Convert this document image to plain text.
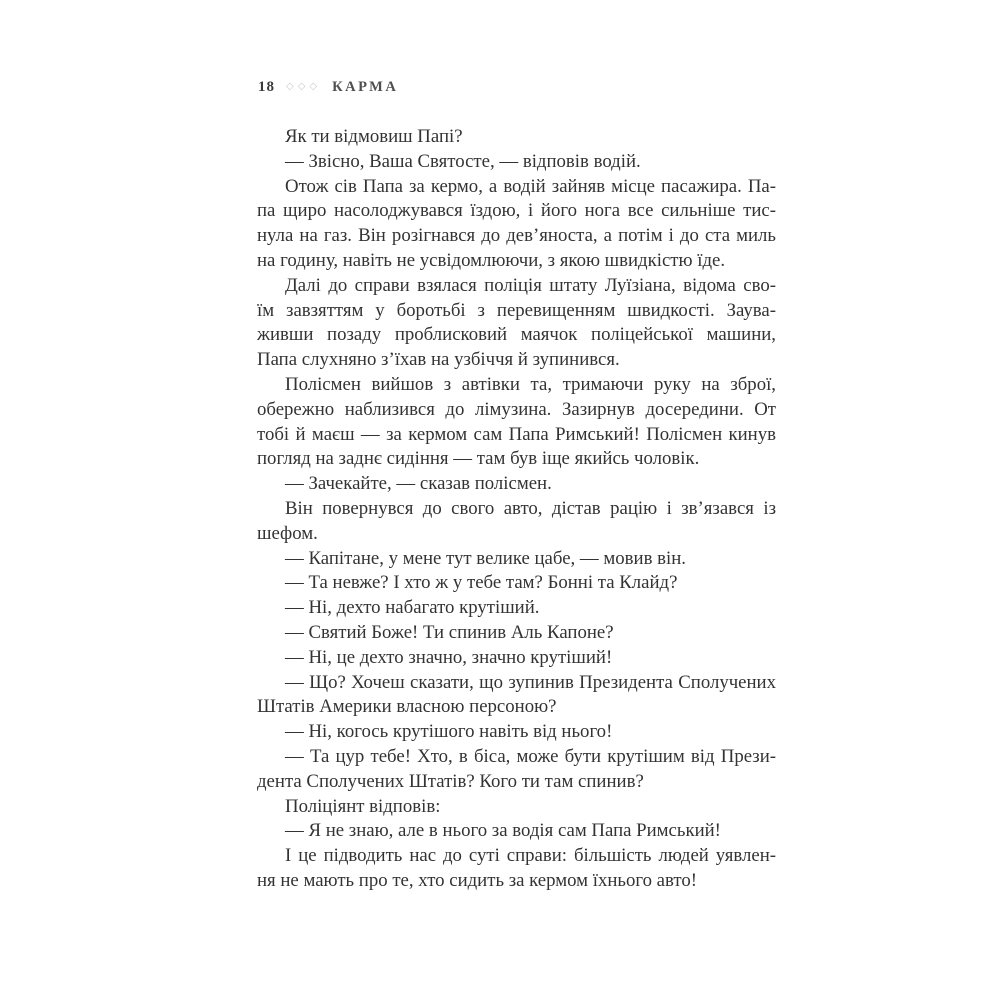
18 ◇◇◇ КАРМА
Як ти відмовиш Папі?
— Звісно, Ваша Святосте, — відповів водій.
Отож сів Папа за кермо, а водій зайняв місце пасажира. Па-
па щиро насолоджувався їздою, і його нога все сильніше тис-
нула на газ. Він розігнався до дев’яноста, а потім і до ста миль
на годину, навіть не усвідомлюючи, з якою швидкістю їде.
Далі до справи взялася поліція штату Луїзіана, відома сво-
їм завзяттям у боротьбі з перевищенням швидкості. Заува-
живши позаду проблисковий маячок поліцейської машини,
Папа слухняно з’їхав на узбіччя й зупинився.
Полісмен вийшов з автівки та, тримаючи руку на зброї,
обережно наблизився до лімузина. Зазирнув досередини. От
тобі й маєш — за кермом сам Папа Римський! Полісмен кинув
погляд на заднє сидіння — там був іще якийсь чоловік.
— Зачекайте, — сказав полісмен.
Він повернувся до свого авто, дістав рацію і зв’язався із
шефом.
— Капітане, у мене тут велике цабе, — мовив він.
— Та невже? І хто ж у тебе там? Бонні та Клайд?
— Ні, дехто набагато крутіший.
— Святий Боже! Ти спинив Аль Капоне?
— Ні, це дехто значно, значно крутіший!
— Що? Хочеш сказати, що зупинив Президента Сполучених
Штатів Америки власною персоною?
— Ні, когось крутішого навіть від нього!
— Та цур тебе! Хто, в біса, може бути крутішим від Прези-
дента Сполучених Штатів? Кого ти там спинив?
Поліціянт відповів:
— Я не знаю, але в нього за водія сам Папа Римський!
І це підводить нас до суті справи: більшість людей уявлен-
ня не мають про те, хто сидить за кермом їхнього авто!
